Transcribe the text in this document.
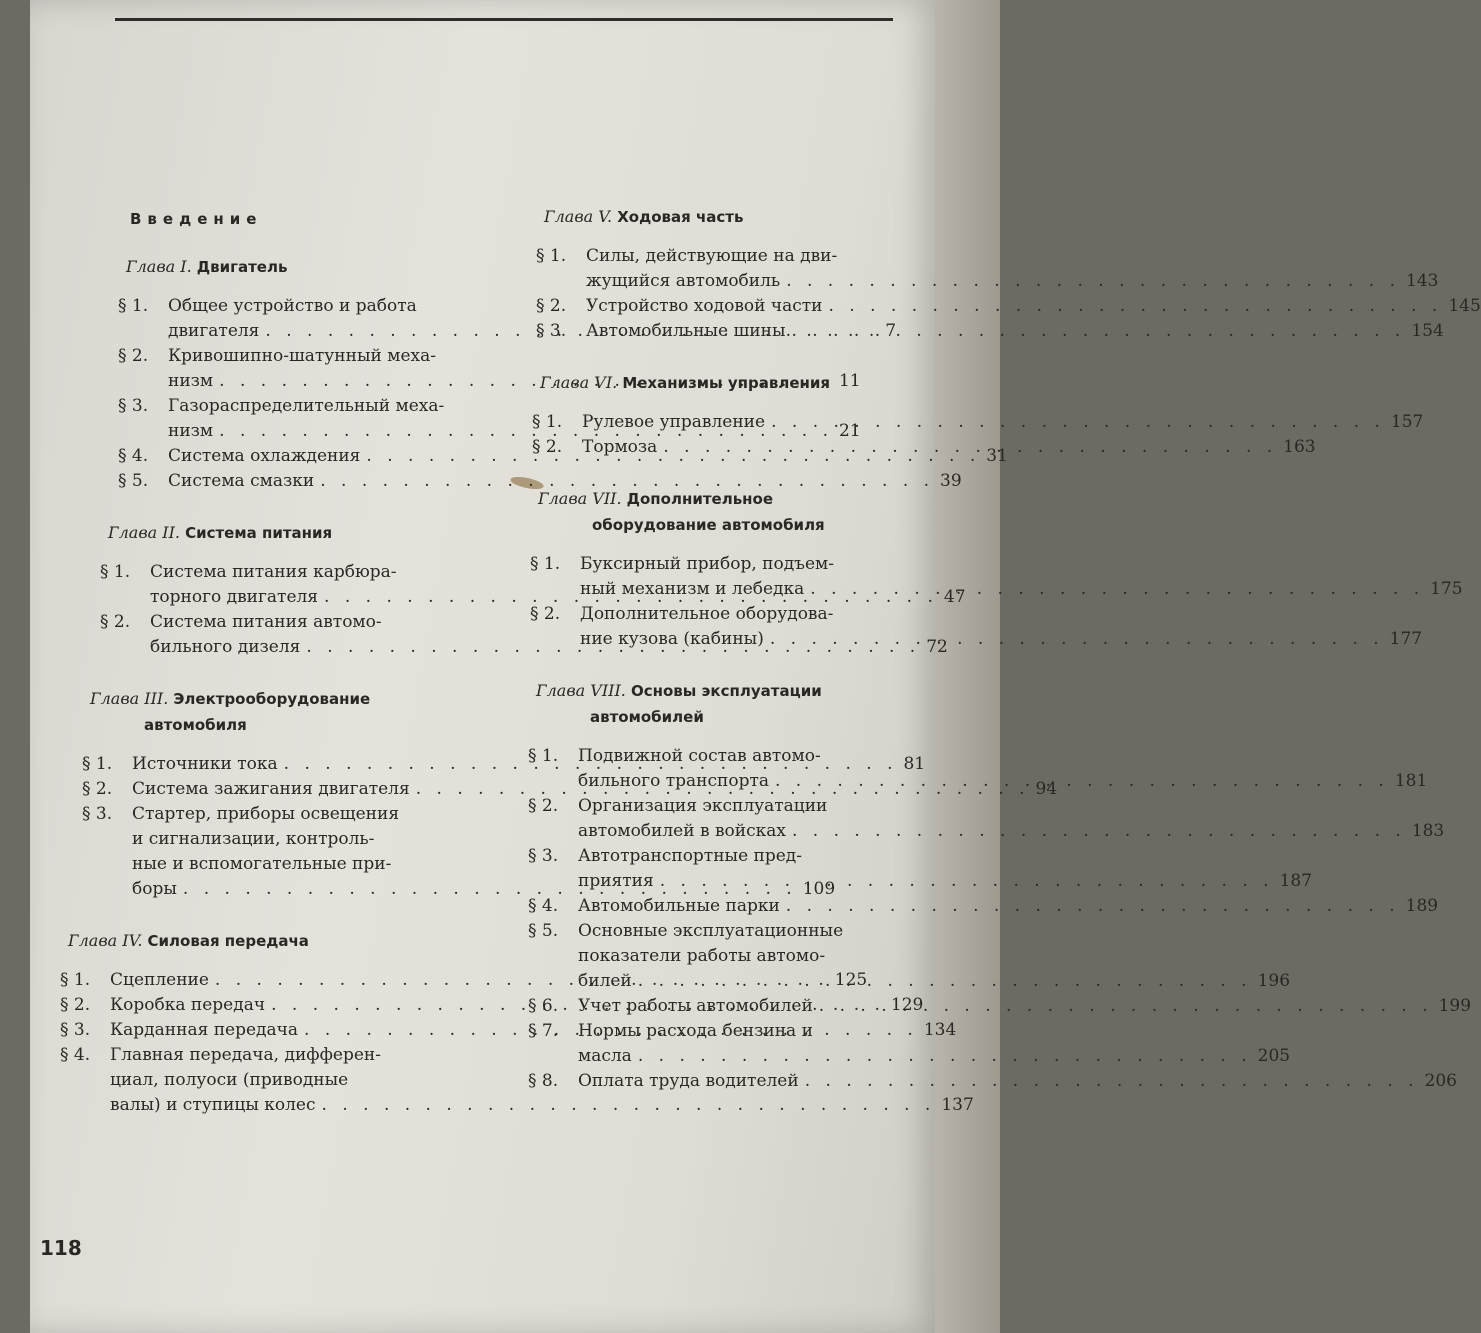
Введение
Глава I. Двигатель
§ 1.	Общее устройство и работа
двигателя . . .	7
§ 2.	Кривошипно-шатунный меха-
низм . . .	11
§ 3.	Газораспределительный меха-
низм . . .	21
§ 4.	Система охлаждения . . .	31
§ 5.	Система смазки . . .	39
Глава II. Система питания
§ 1.	Система питания карбюра-
торного двигателя . . .	47
§ 2.	Система питания автомо-
бильного дизеля . . .	72
Глава III. Электрооборудование
автомобиля
§ 1.	Источники тока . . .	81
§ 2.	Система зажигания двигателя . . .	94
§ 3.	Стартер, приборы освещения
и сигнализации, контроль-
ные и вспомогательные при-
боры . . .	109
Глава IV. Силовая передача
§ 1.	Сцепление . . .	125
§ 2.	Коробка передач . . .	129
§ 3.	Карданная передача . . .	134
§ 4.	Главная передача, дифферен-
циал, полуоси (приводные
валы) и ступицы колес . . .	137
Глава V. Ходовая часть
§ 1.	Силы, действующие на дви-
жущийся автомобиль . . .	143
§ 2.	Устройство ходовой части . . .	145
§ 3.	Автомобильные шины . . .	154
Глава VI. Механизмы управления
§ 1.	Рулевое управление . . .	157
§ 2.	Тормоза . . .	163
Глава VII. Дополнительное
оборудование автомобиля
§ 1.	Буксирный прибор, подъем-
ный механизм и лебедка . . .	175
§ 2.	Дополнительное оборудова-
ние кузова (кабины) . . .	177
Глава VIII. Основы эксплуатации
автомобилей
§ 1.	Подвижной состав автомо-
бильного транспорта . . .	181
§ 2.	Организация эксплуатации
автомобилей в войсках . . .	183
§ 3.	Автотранспортные пред-
приятия . . .	187
§ 4.	Автомобильные парки . . .	189
§ 5.	Основные эксплуатационные
показатели работы автомо-
билей . . .	196
§ 6.	Учет работы автомобилей . . .	199
§ 7.	Нормы расхода бензина и
масла . . .	205
§ 8.	Оплата труда водителей . . .	206
118
